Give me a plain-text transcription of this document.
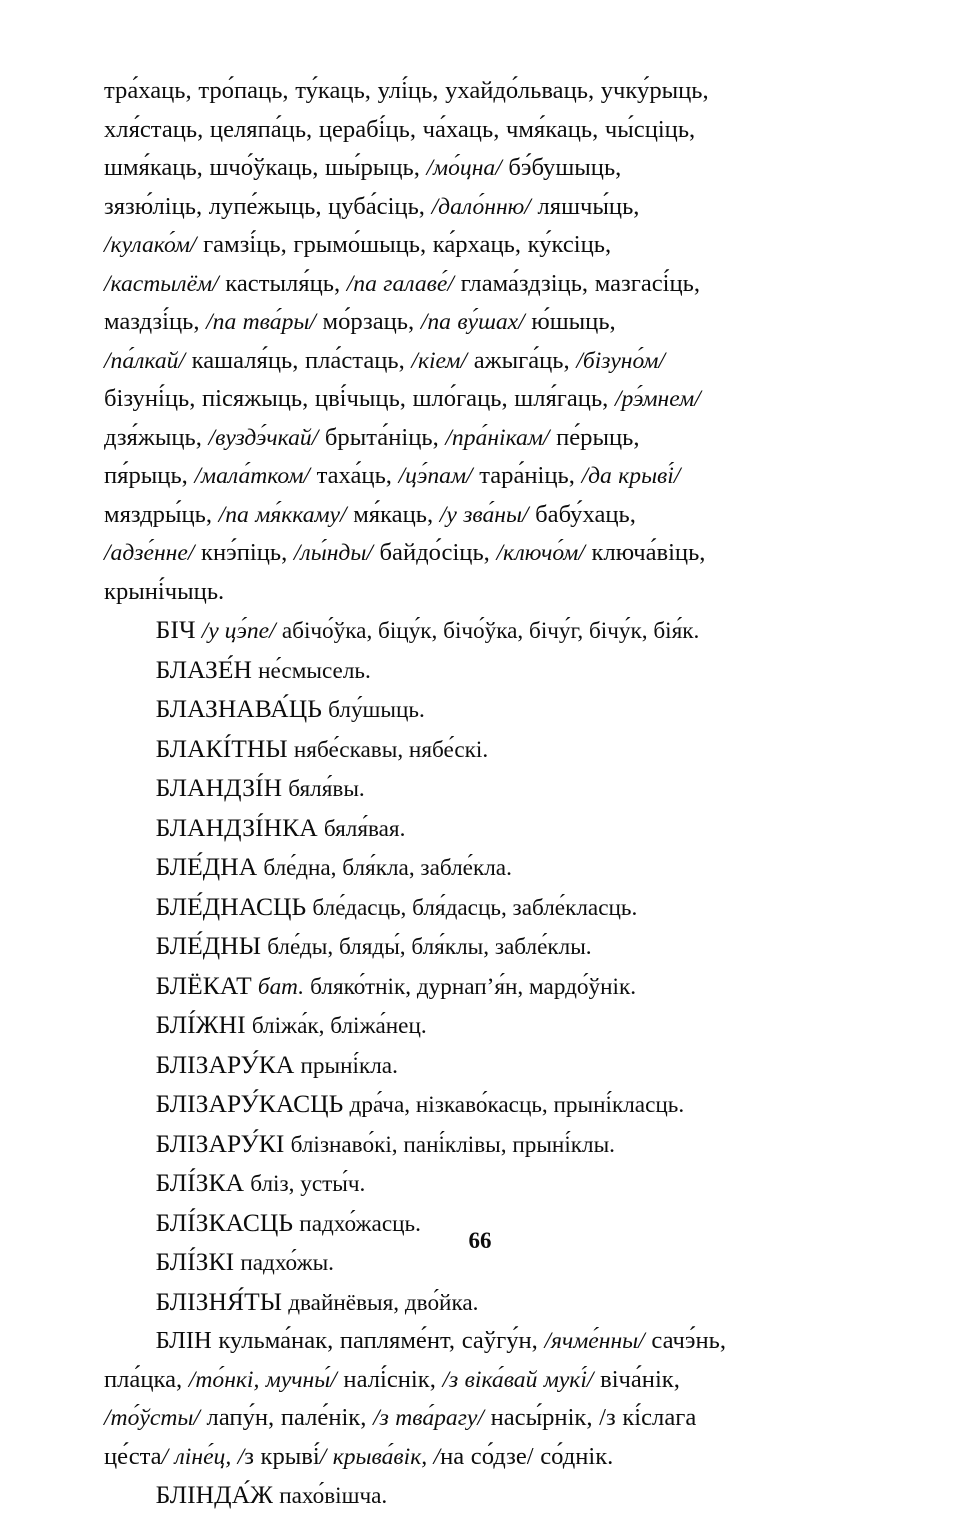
тра́хаць, тро́паць, ту́каць, улі́ць, ухайдо́льваць, учку́рыць,
хля́стаць, целяпа́ць, церабі́ць, ча́хаць, чмя́каць, чы́сціць,
шмя́каць, шчо́ўкаць, шы́рыць, /мо́цна/ бэ́бушыць,
зязю́ліць, лупе́жыць, цуба́сіць, /дало́нню/ ляшчы́ць,
/кулако́м/ гамзі́ць, грымо́шыць, ка́рхаць, ку́ксіць,
/кастылём/ кастыля́ць, /па галаве́/ глама́здзіць, мазгасі́ць,
маздзі́ць, /па тва́ры/ мо́рзаць, /па ву́шах/ ю́шыць,
/па́лкай/ кашаля́ць, пла́стаць, /кіем/ ажыга́ць, /бізуно́м/
бізуні́ць, пісяжыць, цві́чыць, шло́гаць, шля́гаць, /рэ́мнем/
дзя́жыць, /вуздэ́чкай/ брыта́ніць, /пра́нікам/ пе́рыць,
пя́рыць, /мала́тком/ таха́ць, /цэ́пам/ тара́ніць, /да крыві́/
мяздры́ць, /па мя́ккаму/ мя́каць, /у зва́ны/ бабу́хаць,
/адзе́нне/ кнэ́піць, /лы́нды/ байдо́сіць, /ключо́м/ ключа́віць,
крыні́чыць.
БІЧ /у цэ́пе/ абічо́ўка, біцу́к, бічо́ўка, бічу́г, бічу́к, бія́к.
БЛАЗЕ́Н не́смысель.
БЛАЗНАВА́ЦЬ блу́шыць.
БЛАКІ́ТНЫ нябе́скавы, нябе́скі.
БЛАНДЗІ́Н бяля́вы.
БЛАНДЗІ́НКА бяля́вая.
БЛЕ́ДНА бле́дна, бля́кла, забле́кла.
БЛЕ́ДНАСЦЬ бле́дасць, бля́дасць, забле́класць.
БЛЕ́ДНЫ бле́ды, бляды́, бля́клы, забле́клы.
БЛЁКАТ бат. бляко́тнік, дурнап’я́н, мардо́ўнік.
БЛІ́ЖНІ бліжа́к, бліжа́нец.
БЛІЗАРУ́КА прыні́кла.
БЛІЗАРУ́КАСЦЬ дра́ча, нізкаво́касць, прыні́класць.
БЛІЗАРУ́КІ блізнаво́кі, пані́клівы, прыні́клы.
БЛІ́ЗКА бліз, усты́ч.
БЛІ́ЗКАСЦЬ падхо́жасць.
БЛІ́ЗКІ падхо́жы.
БЛІЗНЯ́ТЫ двайнёвыя, дво́йка.
БЛІН кульма́нак, папляме́нт, саўгу́н, /ячме́нны/ сачэ́нь,
пла́цка, /то́нкі, мучны́/ налі́снік, /з віка́вай мукі́/ віча́нік,
/то́ўсты/ лапу́н, пале́нік, /з тва́рагу/ насы́рнік, /з кі́слага
це́ста/ ліне́ц, /з крыві́/ крыва́вік, /на со́дзе/ со́днік.
БЛІНДА́Ж пахо́вішча.
66
